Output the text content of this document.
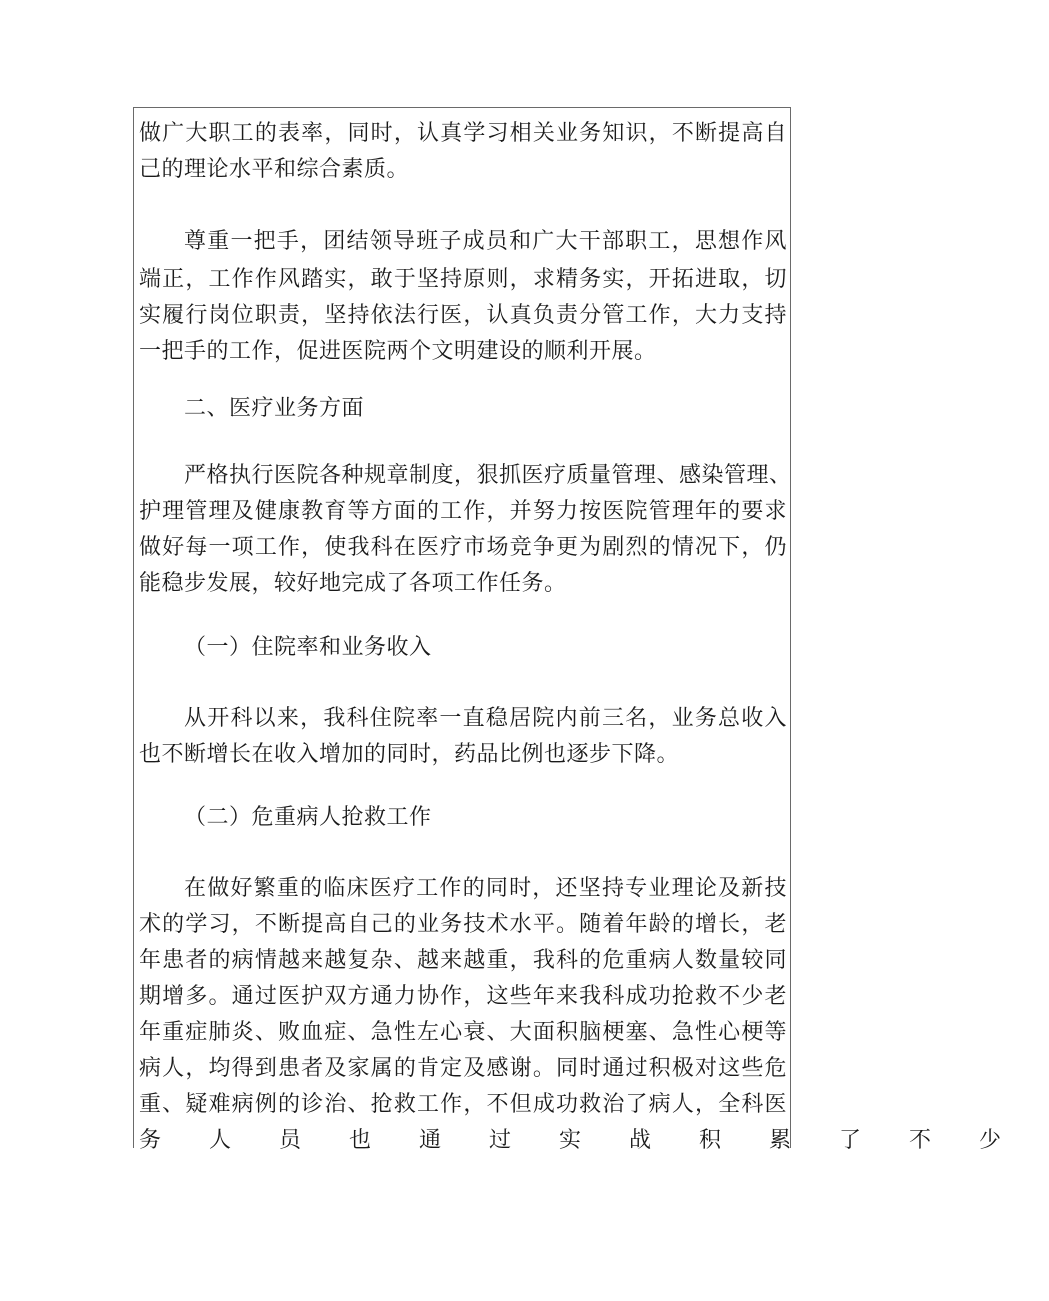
做广大职工的表率，同时，认真学习相关业务知识，不断提高自
己的理论水平和综合素质。
尊重一把手，团结领导班子成员和广大干部职工，思想作风
端正，工作作风踏实，敢于坚持原则，求精务实，开拓进取，切
实履行岗位职责，坚持依法行医，认真负责分管工作，大力支持
一把手的工作，促进医院两个文明建设的顺利开展。
二、医疗业务方面
严格执行医院各种规章制度，狠抓医疗质量管理、感染管理、
护理管理及健康教育等方面的工作，并努力按医院管理年的要求
做好每一项工作，使我科在医疗市场竞争更为剧烈的情况下，仍
能稳步发展，较好地完成了各项工作任务。
（一）住院率和业务收入
从开科以来，我科住院率一直稳居院内前三名，业务总收入
也不断增长在收入增加的同时，药品比例也逐步下降。
（二）危重病人抢救工作
在做好繁重的临床医疗工作的同时，还坚持专业理论及新技
术的学习，不断提高自己的业务技术水平。随着年龄的增长，老
年患者的病情越来越复杂、越来越重，我科的危重病人数量较同
期增多。通过医护双方通力协作，这些年来我科成功抢救不少老
年重症肺炎、败血症、急性左心衰、大面积脑梗塞、急性心梗等
病人，均得到患者及家属的肯定及感谢。同时通过积极对这些危
重、疑难病例的诊治、抢救工作，不但成功救治了病人，全科医
务人员也通过实战积累了不少
